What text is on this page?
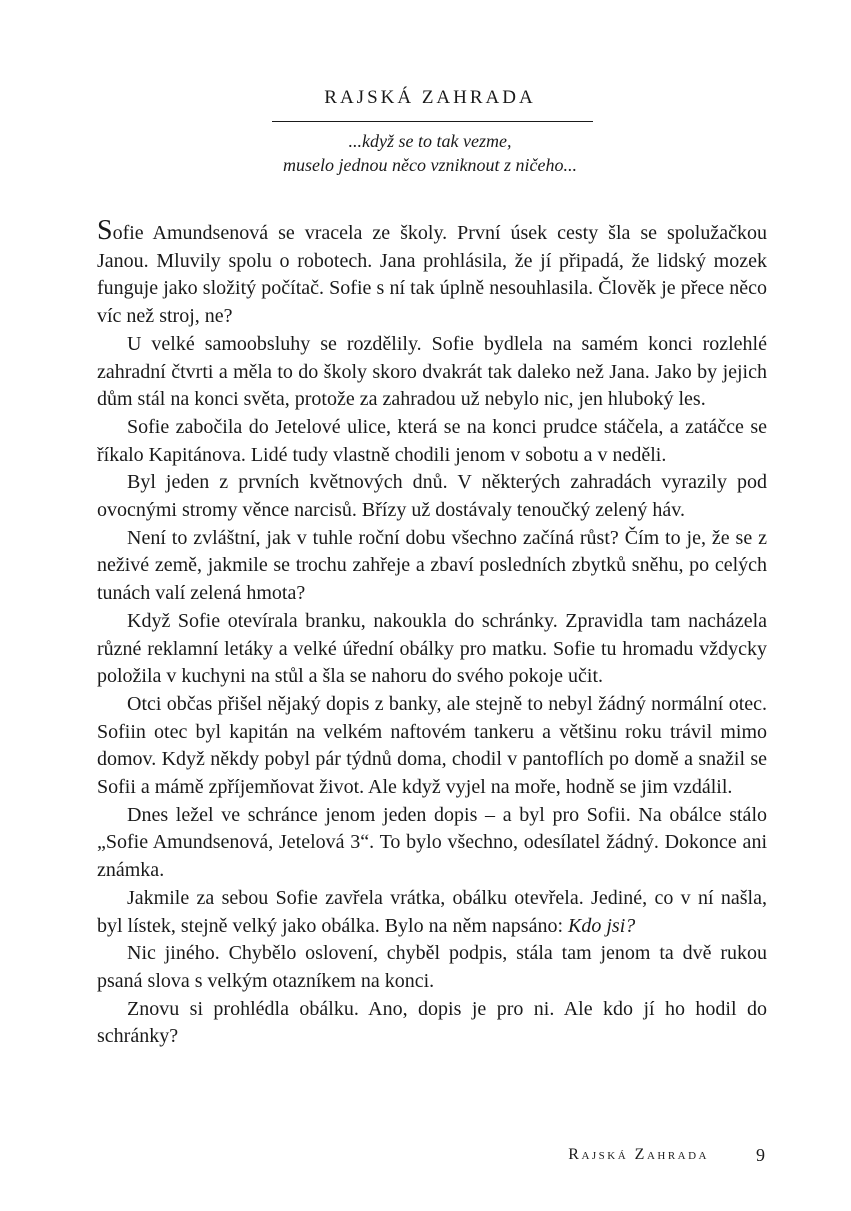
RAJSKÁ ZAHRADA
...když se to tak vezme,
muselo jednou něco vzniknout z ničeho...

Sofie Amundsenová se vracela ze školy. První úsek cesty šla se spolužačkou Janou. Mluvily spolu o robotech. Jana prohlásila, že jí připadá, že lidský mozek funguje jako složitý počítač. Sofie s ní tak úplně nesouhlasila. Člověk je přece něco víc než stroj, ne?

U velké samoobsluhy se rozdělily. Sofie bydlela na samém konci rozlehlé zahradní čtvrti a měla to do školy skoro dvakrát tak daleko než Jana. Jako by jejich dům stál na konci světa, protože za zahradou už nebylo nic, jen hluboký les.

Sofie zabočila do Jetelové ulice, která se na konci prudce stáčela, a zatáčce se říkalo Kapitánova. Lidé tudy vlastně chodili jenom v sobotu a v neděli.

Byl jeden z prvních květnových dnů. V některých zahradách vyrazily pod ovocnými stromy věnce narcisů. Břízy už dostávaly tenoučký zelený háv.

Není to zvláštní, jak v tuhle roční dobu všechno začíná růst? Čím to je, že se z neživé země, jakmile se trochu zahřeje a zbaví posledních zbytků sněhu, po celých tunách valí zelená hmota?

Když Sofie otevírala branku, nakoukla do schránky. Zpravidla tam nacházela různé reklamní letáky a velké úřední obálky pro matku. Sofie tu hromadu vždycky položila v kuchyni na stůl a šla se nahoru do svého pokoje učit.

Otci občas přišel nějaký dopis z banky, ale stejně to nebyl žádný normální otec. Sofiin otec byl kapitán na velkém naftovém tankeru a většinu roku trávil mimo domov. Když někdy pobyl pár týdnů doma, chodil v pantoflích po domě a snažil se Sofii a mámě zpříjemňovat život. Ale když vyjel na moře, hodně se jim vzdálil.

Dnes ležel ve schránce jenom jeden dopis – a byl pro Sofii. Na obálce stálo „Sofie Amundsenová, Jetelová 3“. To bylo všechno, odesílatel žádný. Dokonce ani známka.

Jakmile za sebou Sofie zavřela vrátka, obálku otevřela. Jediné, co v ní našla, byl lístek, stejně velký jako obálka. Bylo na něm napsáno: Kdo jsi?

Nic jiného. Chybělo oslovení, chyběl podpis, stála tam jenom ta dvě rukou psaná slova s velkým otazníkem na konci.

Znovu si prohlédla obálku. Ano, dopis je pro ni. Ale kdo jí ho hodil do schránky?

Rajská Zahrada	9
